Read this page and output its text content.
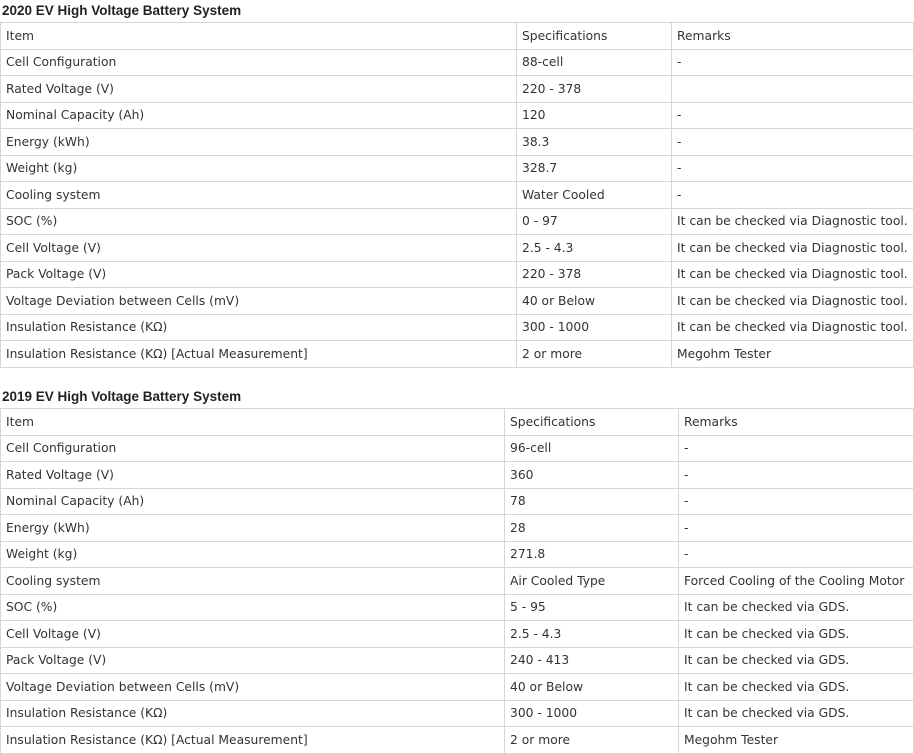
2020 EV High Voltage Battery System
Item	Specifications	Remarks
Cell Configuration	88-cell	-
Rated Voltage (V)	220 - 378	
Nominal Capacity (Ah)	120	-
Energy (kWh)	38.3	-
Weight (kg)	328.7	-
Cooling system	Water Cooled	-
SOC (%)	0 - 97	It can be checked via Diagnostic tool.
Cell Voltage (V)	2.5 - 4.3	It can be checked via Diagnostic tool.
Pack Voltage (V)	220 - 378	It can be checked via Diagnostic tool.
Voltage Deviation between Cells (mV)	40 or Below	It can be checked via Diagnostic tool.
Insulation Resistance (KΩ)	300 - 1000	It can be checked via Diagnostic tool.
Insulation Resistance (KΩ) [Actual Measurement]	2 or more	Megohm Tester
2019 EV High Voltage Battery System
Item	Specifications	Remarks
Cell Configuration	96-cell	-
Rated Voltage (V)	360	-
Nominal Capacity (Ah)	78	-
Energy (kWh)	28	-
Weight (kg)	271.8	-
Cooling system	Air Cooled Type	Forced Cooling of the Cooling Motor
SOC (%)	5 - 95	It can be checked via GDS.
Cell Voltage (V)	2.5 - 4.3	It can be checked via GDS.
Pack Voltage (V)	240 - 413	It can be checked via GDS.
Voltage Deviation between Cells (mV)	40 or Below	It can be checked via GDS.
Insulation Resistance (KΩ)	300 - 1000	It can be checked via GDS.
Insulation Resistance (KΩ) [Actual Measurement]	2 or more	Megohm Tester
